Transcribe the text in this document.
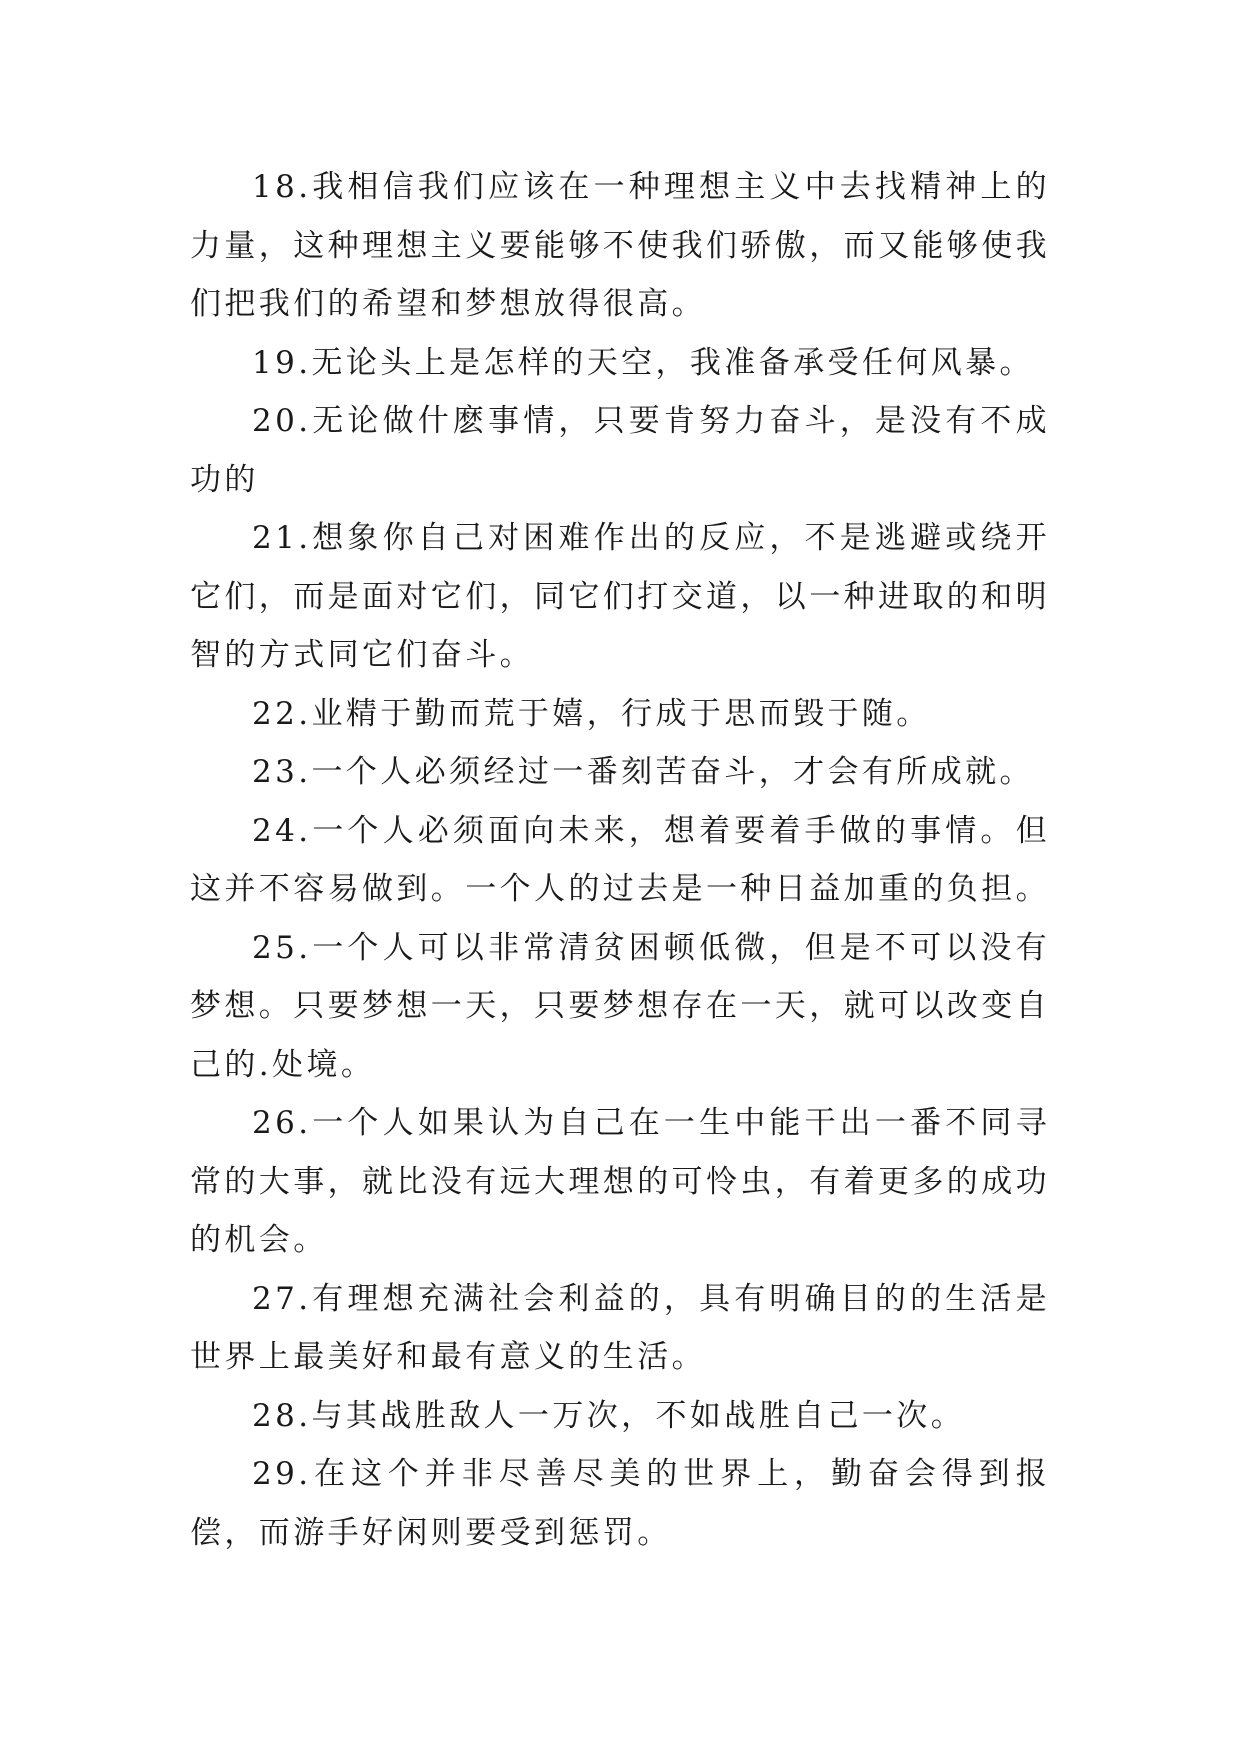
18.我相信我们应该在一种理想主义中去找精神上的力量，这种理想主义要能够不使我们骄傲，而又能够使我们把我们的希望和梦想放得很高。

19.无论头上是怎样的天空，我准备承受任何风暴。

20.无论做什麽事情，只要肯努力奋斗，是没有不成功的

21.想象你自己对困难作出的反应，不是逃避或绕开它们，而是面对它们，同它们打交道，以一种进取的和明智的方式同它们奋斗。

22.业精于勤而荒于嬉，行成于思而毁于随。

23.一个人必须经过一番刻苦奋斗，才会有所成就。

24.一个人必须面向未来，想着要着手做的事情。但这并不容易做到。一个人的过去是一种日益加重的负担。

25.一个人可以非常清贫困顿低微，但是不可以没有梦想。只要梦想一天，只要梦想存在一天，就可以改变自己的.处境。

26.一个人如果认为自己在一生中能干出一番不同寻常的大事，就比没有远大理想的可怜虫，有着更多的成功的机会。

27.有理想充满社会利益的，具有明确目的的生活是世界上最美好和最有意义的生活。

28.与其战胜敌人一万次，不如战胜自己一次。

29.在这个并非尽善尽美的世界上，勤奋会得到报偿，而游手好闲则要受到惩罚。
